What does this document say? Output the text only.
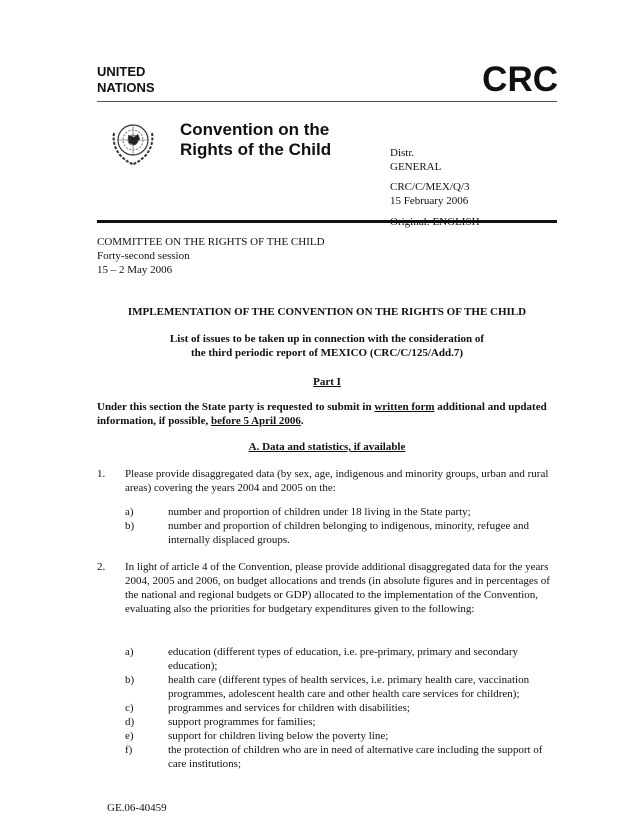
UNITED
NATIONS	CRC
Convention on the
Rights of the Child	Distr.
GENERAL
CRC/C/MEX/Q/3
15 February 2006
COMMITTEE ON THE RIGHTS OF THE CHILD
Forty-second session
15 – 2 May 2006
IMPLEMENTATION OF THE CONVENTION ON THE RIGHTS OF THE CHILD
List of issues to be taken up in connection with the consideration of
the third periodic report of MEXICO (CRC/C/125/Add.7)
Part I
Under this section the State party is requested to submit in written form additional and updated information, if possible, before 5 April 2006.
A. Data and statistics, if available
1. Please provide disaggregated data (by sex, age, indigenous and minority groups, urban and rural areas) covering the years 2004 and 2005 on the:
a)	number and proportion of children under 18 living in the State party;
b)	number and proportion of children belonging to indigenous, minority, refugee and internally displaced groups.
2. In light of article 4 of the Convention, please provide additional disaggregated data for the years 2004, 2005 and 2006, on budget allocations and trends (in absolute figures and in percentages of the national and regional budgets or GDP) allocated to the implementation of the Convention, evaluating also the priorities for budgetary expenditures given to the following:
a)	education (different types of education, i.e. pre-primary, primary and secondary education);
b)	health care (different types of health services, i.e. primary health care, vaccination programmes, adolescent health care and other health care services for children);
c)	programmes and services for children with disabilities;
d)	support programmes for families;
e)	support for children living below the poverty line;
f)	the protection of children who are in need of alternative care including the support of care institutions;
GE.06-40459
